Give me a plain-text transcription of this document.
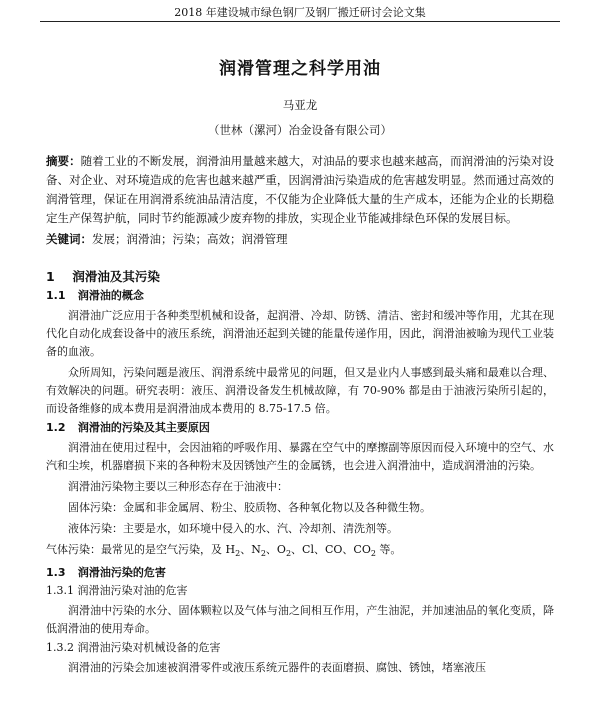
2018 年建设城市绿色钢厂及钢厂搬迁研讨会论文集
润滑管理之科学用油
马亚龙
（世林（漯河）冶金设备有限公司）
摘要：随着工业的不断发展，润滑油用量越来越大，对油品的要求也越来越高，而润滑油的污染对设备、对企业、对环境造成的危害也越来越严重，因润滑油污染造成的危害越发明显。然而通过高效的润滑管理，保证在用润滑系统油品清洁度，不仅能为企业降低大量的生产成本，还能为企业的长期稳定生产保驾护航，同时节约能源减少废弃物的排放，实现企业节能减排绿色环保的发展目标。
关键词：发展；润滑油；污染；高效；润滑管理
1 润滑油及其污染
1.1 润滑油的概念

润滑油广泛应用于各种类型机械和设备，起润滑、冷却、防锈、清洁、密封和缓冲等作用，尤其在现代化自动化成套设备中的液压系统，润滑油还起到关键的能量传递作用，因此，润滑油被喻为现代工业装备的血液。

众所周知，污染问题是液压、润滑系统中最常见的问题，但又是业内人事感到最头痛和最难以合理、有效解决的问题。研究表明：液压、润滑设备发生机械故障，有 70-90% 都是由于油液污染所引起的，而设备维修的成本费用是润滑油成本费用的 8.75-17.5 倍。

1.2 润滑油的污染及其主要原因

润滑油在使用过程中，会因油箱的呼吸作用、暴露在空气中的摩擦副等原因而侵入环境中的空气、水汽和尘埃，机器磨损下来的各种粉末及因锈蚀产生的金属锈，也会进入润滑油中，造成润滑油的污染。

润滑油污染物主要以三种形态存在于油液中：

固体污染：金属和非金属屑、粉尘、胶质物、各种氧化物以及各种微生物。

液体污染：主要是水，如环境中侵入的水、汽、冷却剂、清洗剂等。

气体污染：最常见的是空气污染，及 $H_2$、$N_2$、$O_2$、Cl、CO、$CO_2$ 等。

1.3 润滑油污染的危害
1.3.1 润滑油污染对油的危害

润滑油中污染的水分、固体颗粒以及气体与油之间相互作用，产生油泥，并加速油品的氧化变质，降低润滑油的使用寿命。

1.3.2 润滑油污染对机械设备的危害

润滑油的污染会加速被润滑零件或液压系统元器件的表面磨损、腐蚀、锈蚀，堵塞液压
